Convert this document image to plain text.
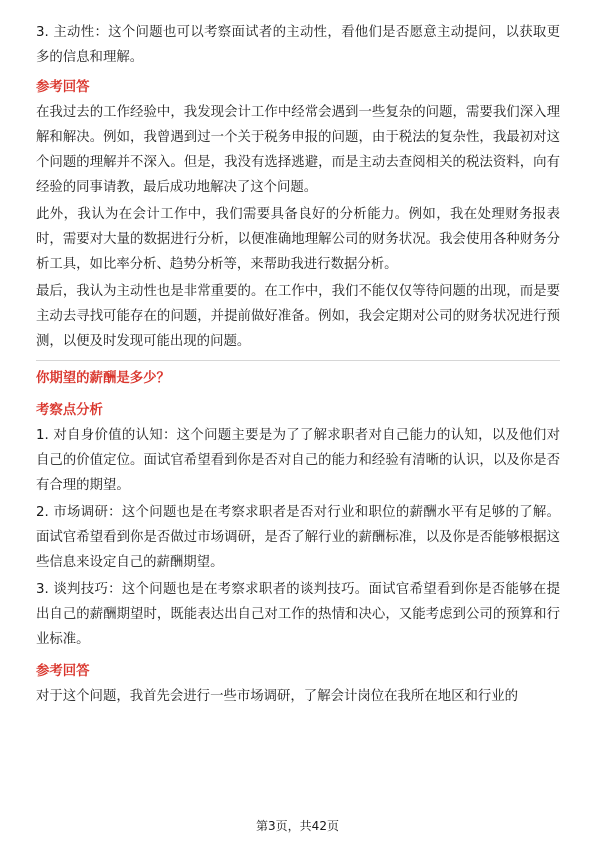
3. 主动性：这个问题也可以考察面试者的主动性，看他们是否愿意主动提问，以获取更多的信息和理解。

参考回答

在我过去的工作经验中，我发现会计工作中经常会遇到一些复杂的问题，需要我们深入理解和解决。例如，我曾遇到过一个关于税务申报的问题，由于税法的复杂性，我最初对这个问题的理解并不深入。但是，我没有选择逃避，而是主动去查阅相关的税法资料，向有经验的同事请教，最后成功地解决了这个问题。

此外，我认为在会计工作中，我们需要具备良好的分析能力。例如，我在处理财务报表时，需要对大量的数据进行分析，以便准确地理解公司的财务状况。我会使用各种财务分析工具，如比率分析、趋势分析等，来帮助我进行数据分析。

最后，我认为主动性也是非常重要的。在工作中，我们不能仅仅等待问题的出现，而是要主动去寻找可能存在的问题，并提前做好准备。例如，我会定期对公司的财务状况进行预测，以便及时发现可能出现的问题。

你期望的薪酬是多少？
考察点分析

1. 对自身价值的认知：这个问题主要是为了了解求职者对自己能力的认知，以及他们对自己的价值定位。面试官希望看到你是否对自己的能力和经验有清晰的认识，以及你是否有合理的期望。

2. 市场调研：这个问题也是在考察求职者是否对行业和职位的薪酬水平有足够的了解。面试官希望看到你是否做过市场调研，是否了解行业的薪酬标准，以及你是否能够根据这些信息来设定自己的薪酬期望。

3. 谈判技巧：这个问题也是在考察求职者的谈判技巧。面试官希望看到你是否能够在提出自己的薪酬期望时，既能表达出自己对工作的热情和决心，又能考虑到公司的预算和行业标准。

参考回答

对于这个问题，我首先会进行一些市场调研，了解会计岗位在我所在地区和行业的

第3页，共42页
